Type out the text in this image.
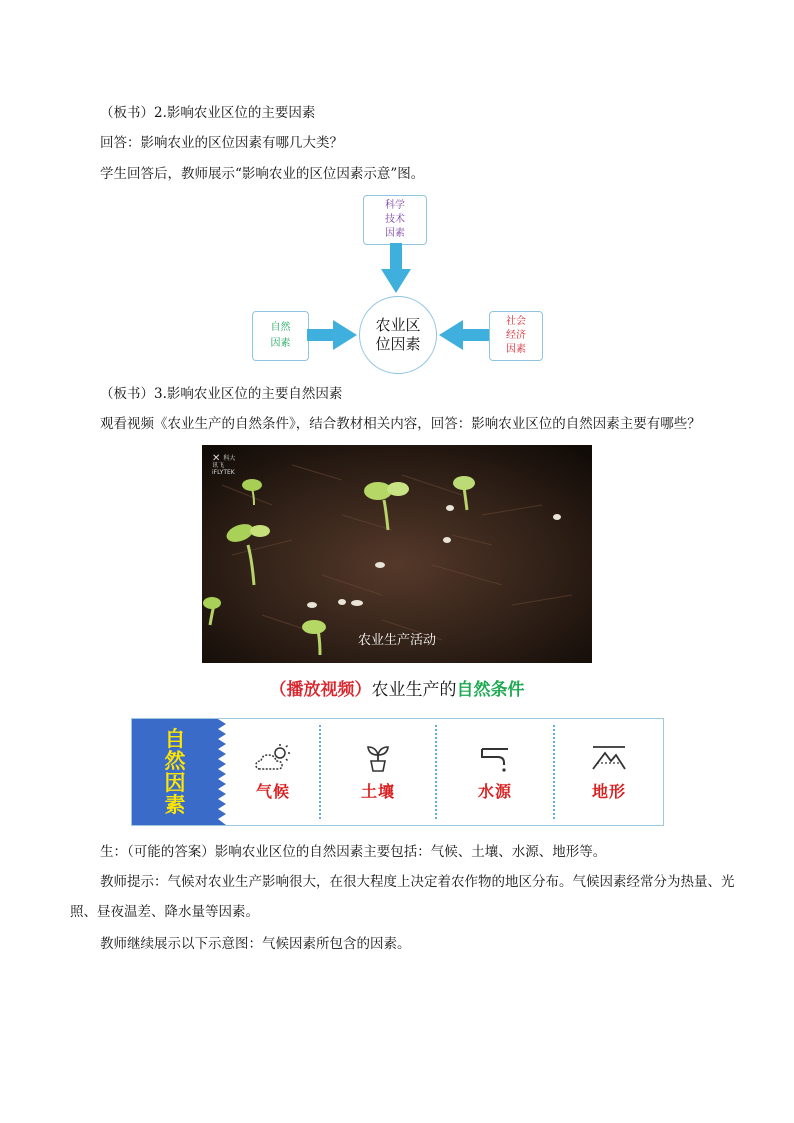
（板书）2.影响农业区位的主要因素
回答：影响农业的区位因素有哪几大类？
学生回答后，教师展示“影响农业的区位因素示意”图。
科学
技术
因素
农业区
位因素
自然
因素
社会
经济
因素
（板书）3.影响农业区位的主要自然因素
观看视频《农业生产的自然条件》，结合教材相关内容，回答：影响农业区位的自然因素主要有哪些？
✕ 科大讯飞
iFLYTEK
农业生产活动
（播放视频）农业生产的自然条件
自然因素
气候	土壤	水源	地形
生：（可能的答案）影响农业区位的自然因素主要包括：气候、土壤、水源、地形等。
教师提示：气候对农业生产影响很大，在很大程度上决定着农作物的地区分布。气候因素经常分为热量、光照、昼夜温差、降水量等因素。
教师继续展示以下示意图：气候因素所包含的因素。
